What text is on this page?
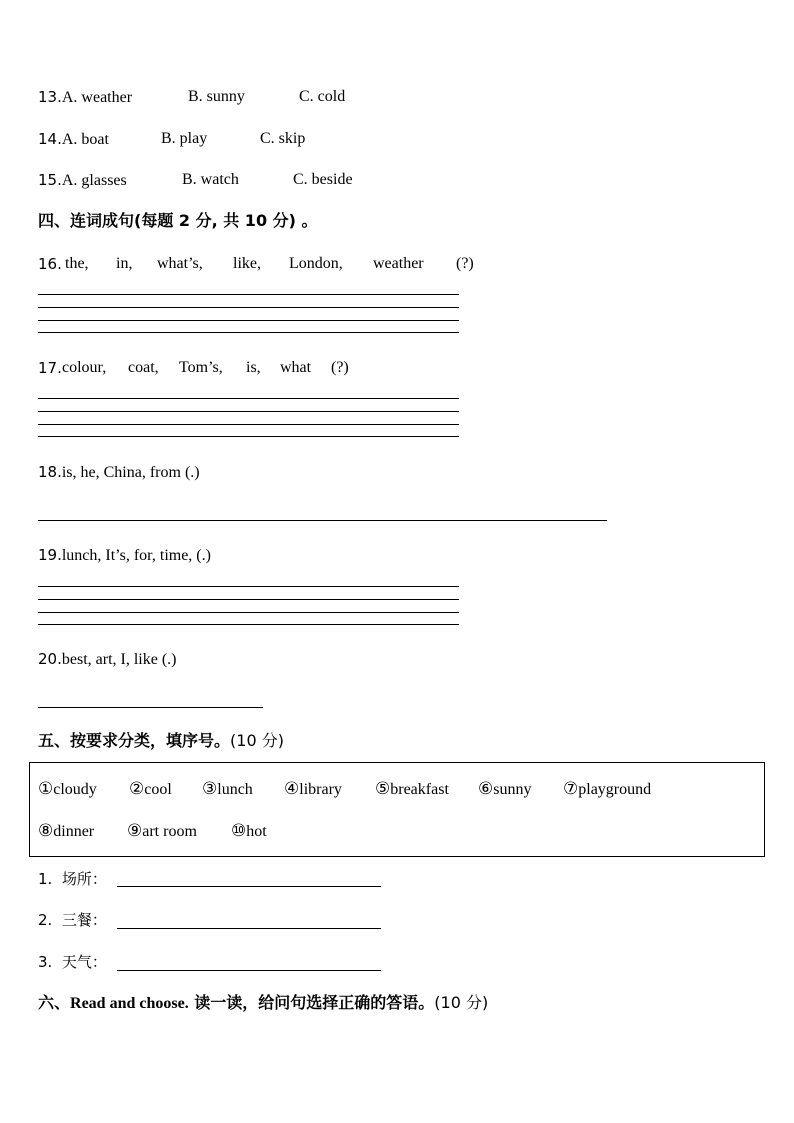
13.A. weather	B. sunny	C. cold
14.A. boat	B. play	C. skip
15.A. glasses	B. watch	C. beside
四、连词成句(每题 2 分, 共 10 分) 。
16. the, in, what’s, like, London, weather (?)
17. colour, coat, Tom’s, is, what (?)
18.is, he, China, from (.)
19.lunch, It’s, for, time, (.)
20.best, art, I, like (.)
五、按要求分类，填序号。(10 分)
①cloudy ②cool ③lunch ④library ⑤breakfast ⑥sunny ⑦playground
⑧dinner ⑨art room ⑩hot
1. 场所：
2. 三餐：
3. 天气：
六、Read and choose. 读一读，给问句选择正确的答语。(10 分)
